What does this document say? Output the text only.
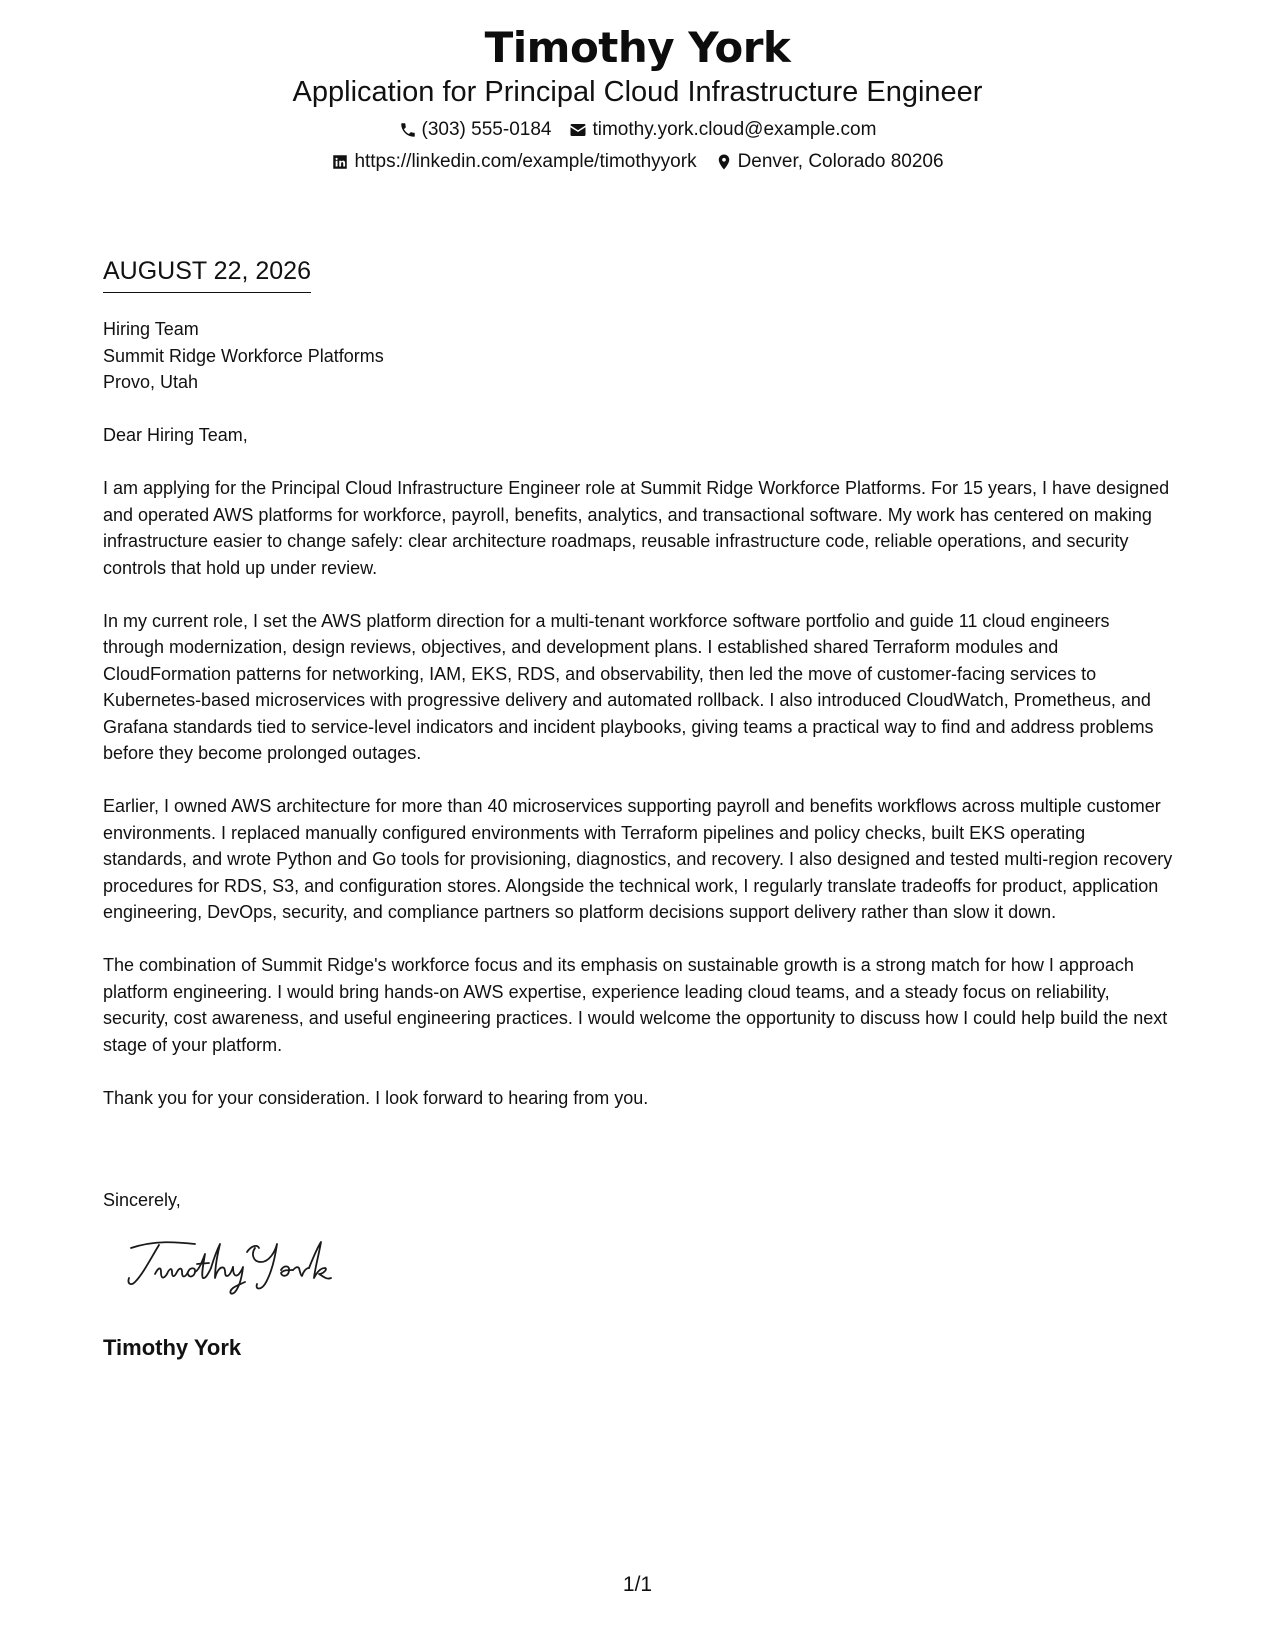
Timothy York
Application for Principal Cloud Infrastructure Engineer
(303) 555-0184 timothy.york.cloud@example.com
https://linkedin.com/example/timothyyork Denver, Colorado 80206
AUGUST 22, 2026
Hiring Team
Summit Ridge Workforce Platforms
Provo, Utah
Dear Hiring Team,

I am applying for the Principal Cloud Infrastructure Engineer role at Summit Ridge Workforce Platforms. For 15 years, I have designed and operated AWS platforms for workforce, payroll, benefits, analytics, and transactional software. My work has centered on making infrastructure easier to change safely: clear architecture roadmaps, reusable infrastructure code, reliable operations, and security controls that hold up under review.

In my current role, I set the AWS platform direction for a multi-tenant workforce software portfolio and guide 11 cloud engineers through modernization, design reviews, objectives, and development plans. I established shared Terraform modules and CloudFormation patterns for networking, IAM, EKS, RDS, and observability, then led the move of customer-facing services to Kubernetes-based microservices with progressive delivery and automated rollback. I also introduced CloudWatch, Prometheus, and Grafana standards tied to service-level indicators and incident playbooks, giving teams a practical way to find and address problems before they become prolonged outages.

Earlier, I owned AWS architecture for more than 40 microservices supporting payroll and benefits workflows across multiple customer environments. I replaced manually configured environments with Terraform pipelines and policy checks, built EKS operating standards, and wrote Python and Go tools for provisioning, diagnostics, and recovery. I also designed and tested multi-region recovery procedures for RDS, S3, and configuration stores. Alongside the technical work, I regularly translate tradeoffs for product, application engineering, DevOps, security, and compliance partners so platform decisions support delivery rather than slow it down.

The combination of Summit Ridge's workforce focus and its emphasis on sustainable growth is a strong match for how I approach platform engineering. I would bring hands-on AWS expertise, experience leading cloud teams, and a steady focus on reliability, security, cost awareness, and useful engineering practices. I would welcome the opportunity to discuss how I could help build the next stage of your platform.

Thank you for your consideration. I look forward to hearing from you.

Sincerely,
Timothy York
1/1
